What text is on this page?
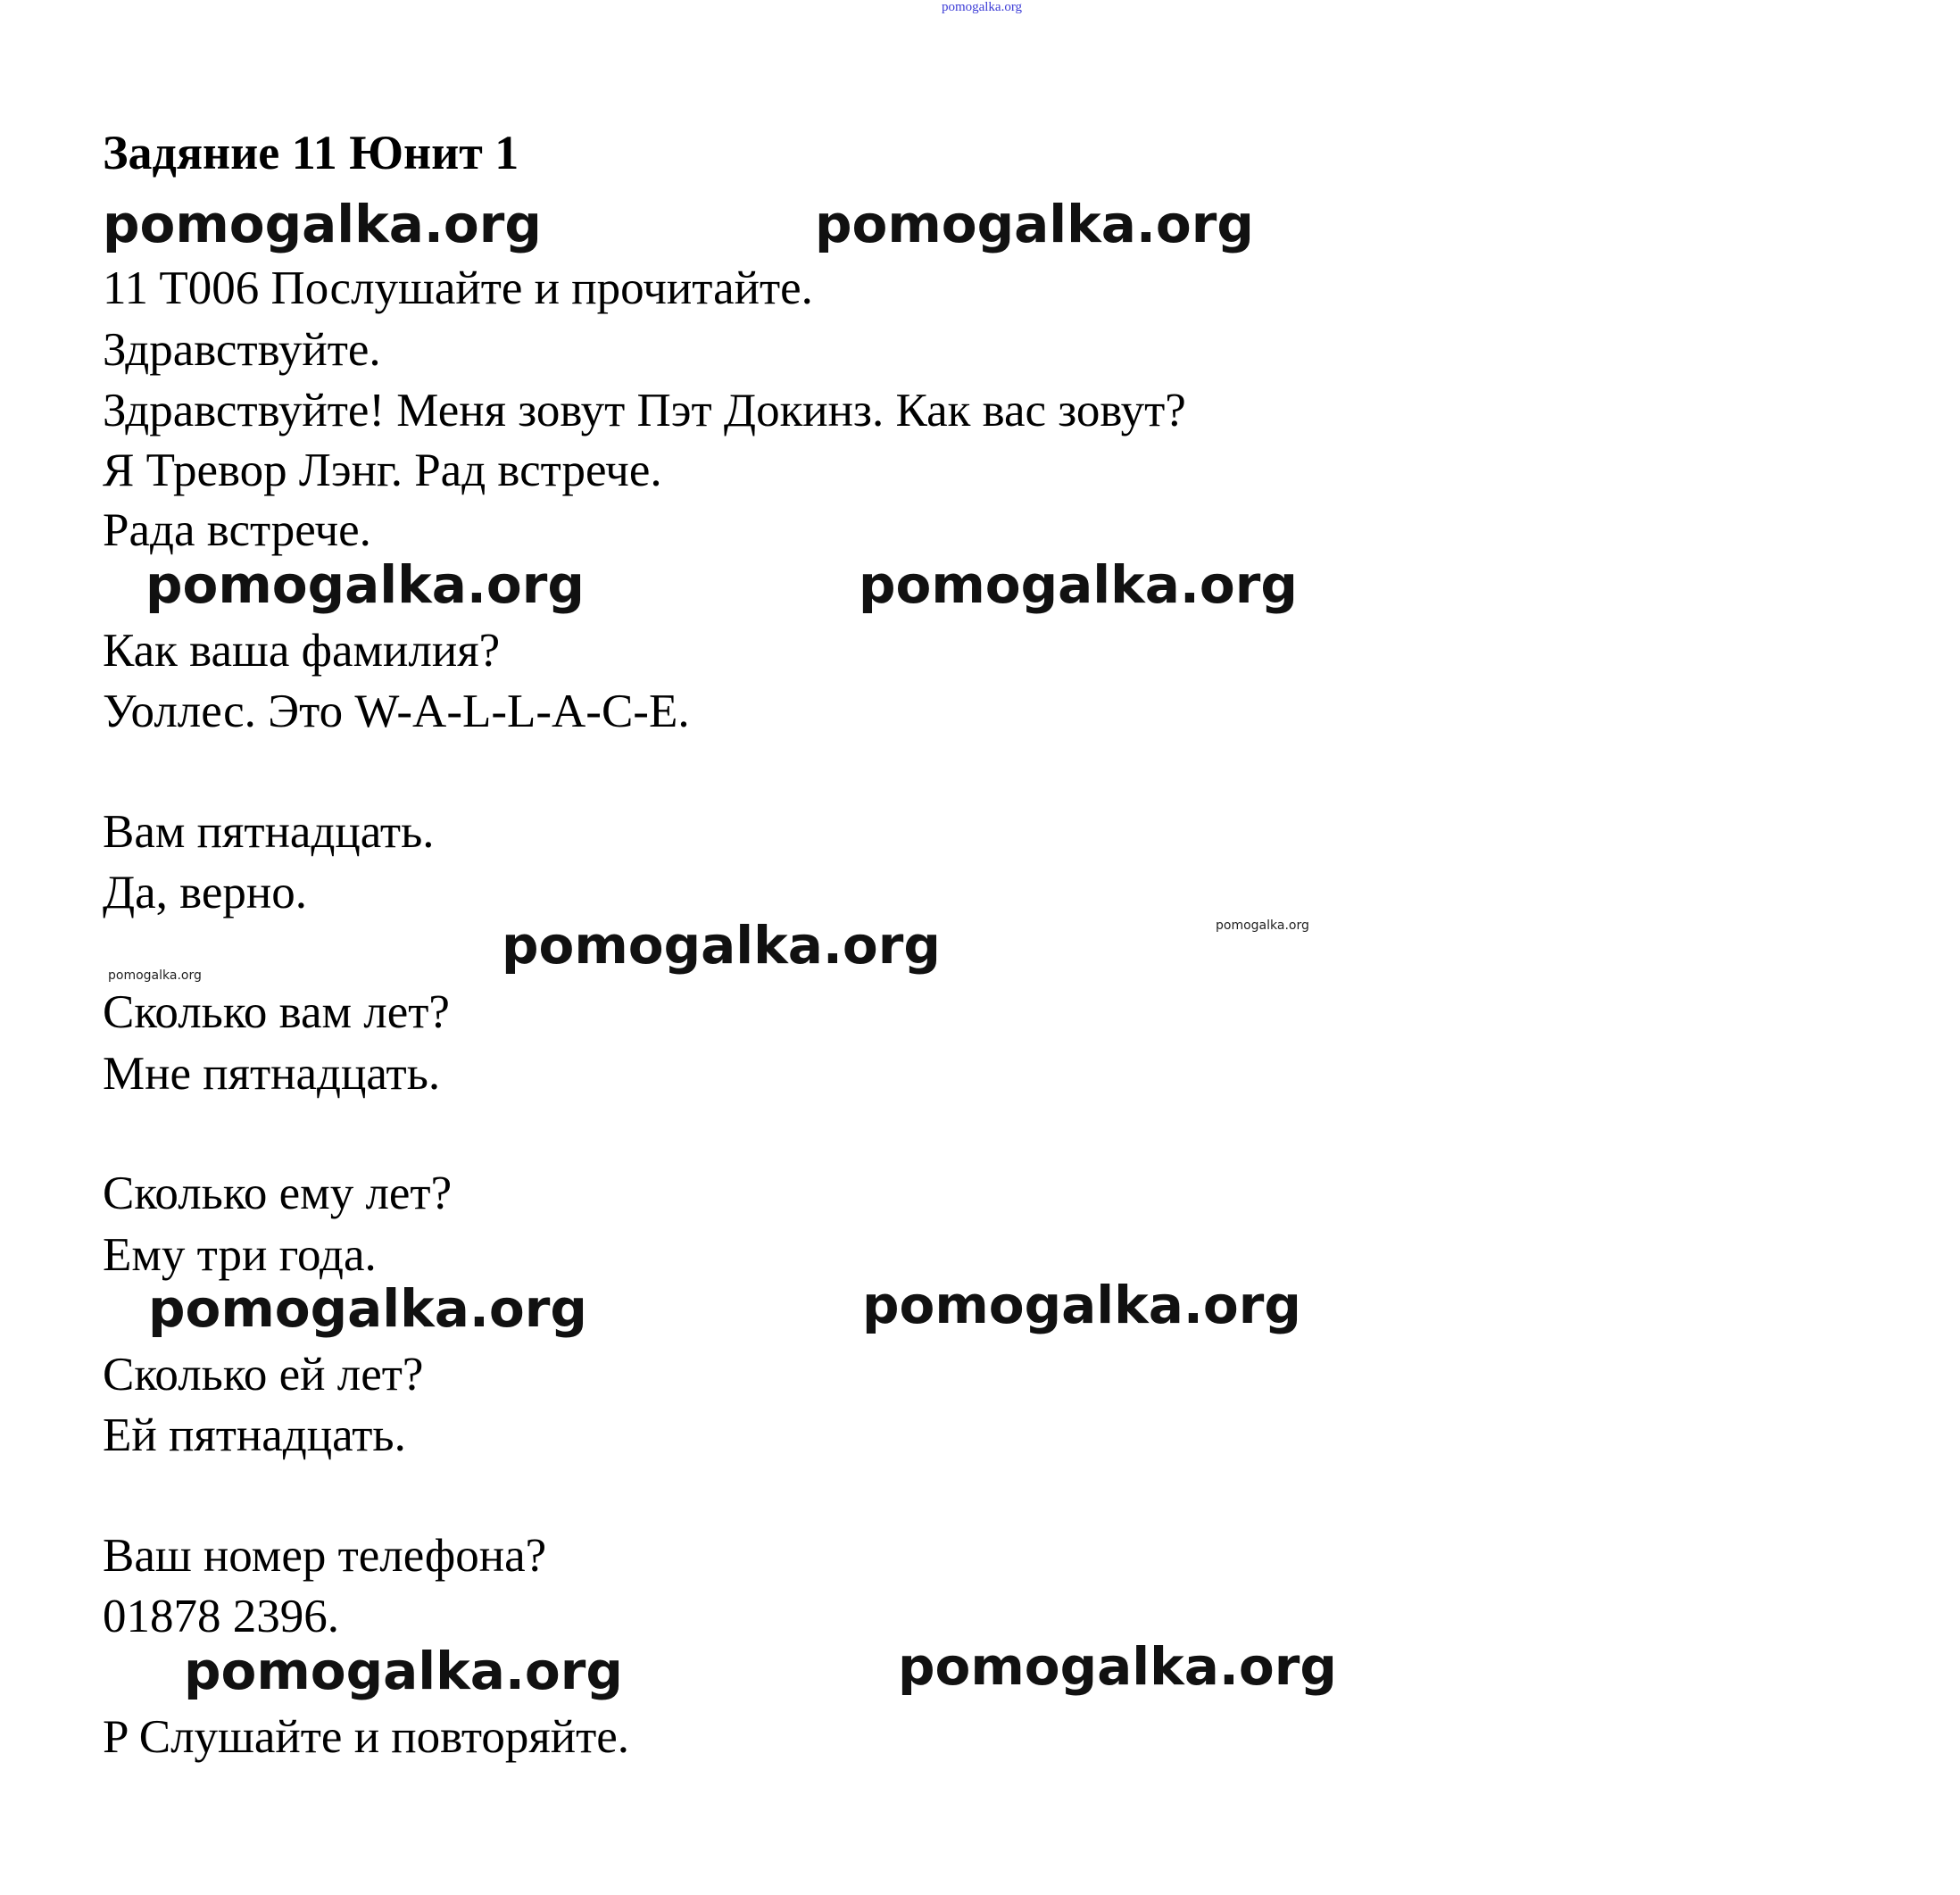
pomogalka.org
Задяние 11 Юнит 1
pomogalka.org	pomogalka.org
pomogalka.org	pomogalka.org
pomogalka.org
pomogalka.org	pomogalka.org
pomogalka.org	pomogalka.org
pomogalka.org
pomogalka.org
11 T006 Послушайте и прочитайте.
Здравствуйте.
Здравствуйте! Меня зовут Пэт Докинз. Как вас зовут?
Я Тревор Лэнг. Рад встрече.
Рада встрече.
Как ваша фамилия?
Уоллес. Это W-A-L-L-A-C-E.
Вам пятнадцать.
Да, верно.
Сколько вам лет?
Мне пятнадцать.
Сколько ему лет?
Ему три года.
Сколько ей лет?
Ей пятнадцать.
Ваш номер телефона?
01878 2396.
P Слушайте и повторяйте.
